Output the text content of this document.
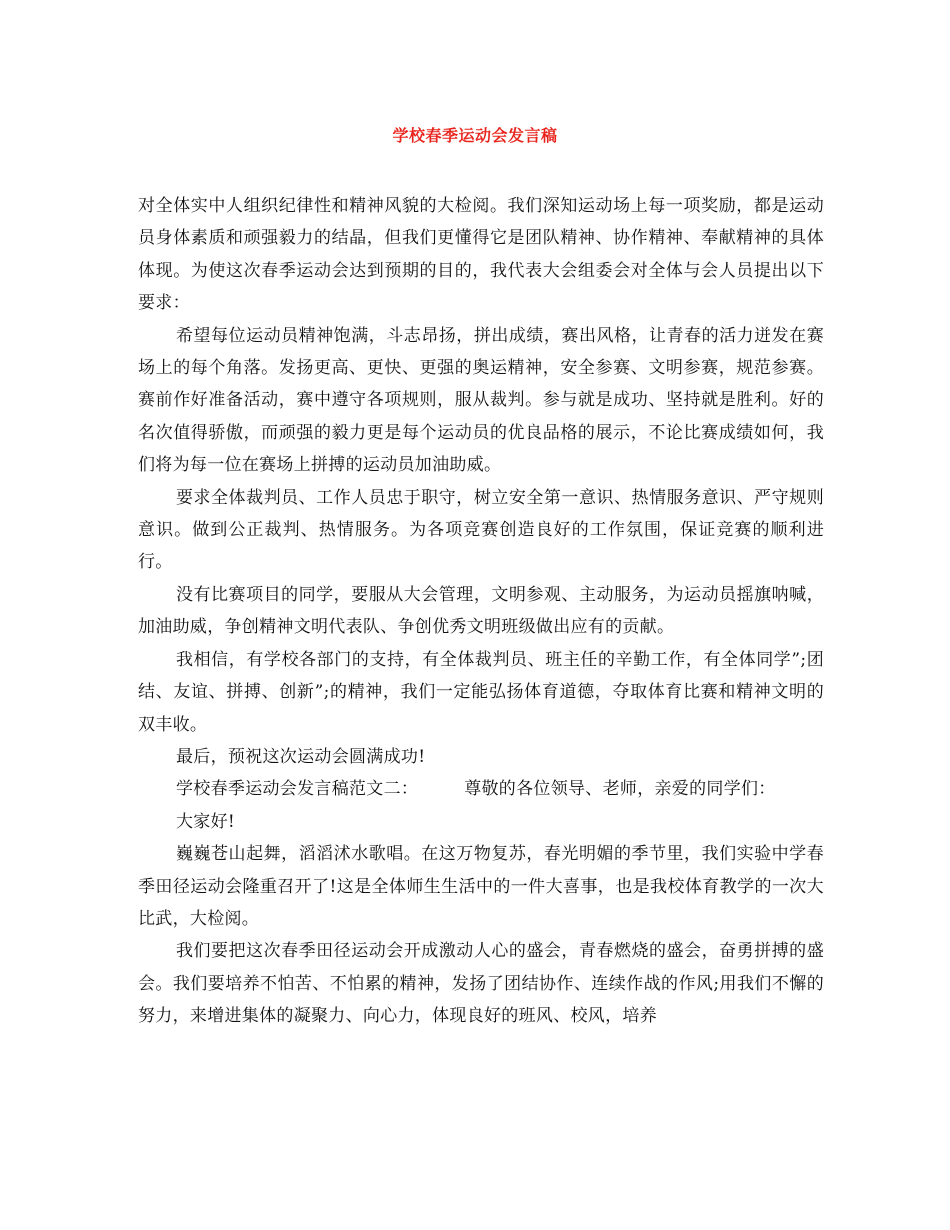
学校春季运动会发言稿

对全体实中人组织纪律性和精神风貌的大检阅。我们深知运动场上每一项奖励，都是运动员身体素质和顽强毅力的结晶，但我们更懂得它是团队精神、协作精神、奉献精神的具体体现。为使这次春季运动会达到预期的目的，我代表大会组委会对全体与会人员提出以下要求：

希望每位运动员精神饱满，斗志昂扬，拼出成绩，赛出风格，让青春的活力迸发在赛场上的每个角落。发扬更高、更快、更强的奥运精神，安全参赛、文明参赛，规范参赛。赛前作好准备活动，赛中遵守各项规则，服从裁判。参与就是成功、坚持就是胜利。好的名次值得骄傲，而顽强的毅力更是每个运动员的优良品格的展示，不论比赛成绩如何，我们将为每一位在赛场上拼搏的运动员加油助威。

要求全体裁判员、工作人员忠于职守，树立安全第一意识、热情服务意识、严守规则意识。做到公正裁判、热情服务。为各项竞赛创造良好的工作氛围，保证竞赛的顺利进行。

没有比赛项目的同学，要服从大会管理，文明参观、主动服务，为运动员摇旗呐喊，加油助威，争创精神文明代表队、争创优秀文明班级做出应有的贡献。

我相信，有学校各部门的支持，有全体裁判员、班主任的辛勤工作，有全体同学”;团结、友谊、拼搏、创新”;的精神，我们一定能弘扬体育道德，夺取体育比赛和精神文明的双丰收。

最后，预祝这次运动会圆满成功!

学校春季运动会发言稿范文二：	尊敬的各位领导、老师，亲爱的同学们：

大家好!

巍巍苍山起舞，滔滔沭水歌唱。在这万物复苏，春光明媚的季节里，我们实验中学春季田径运动会隆重召开了!这是全体师生生活中的一件大喜事，也是我校体育教学的一次大比武，大检阅。

我们要把这次春季田径运动会开成激动人心的盛会，青春燃烧的盛会，奋勇拼搏的盛会。我们要培养不怕苦、不怕累的精神，发扬了团结协作、连续作战的作风;用我们不懈的努力，来增进集体的凝聚力、向心力，体现良好的班风、校风，培养
